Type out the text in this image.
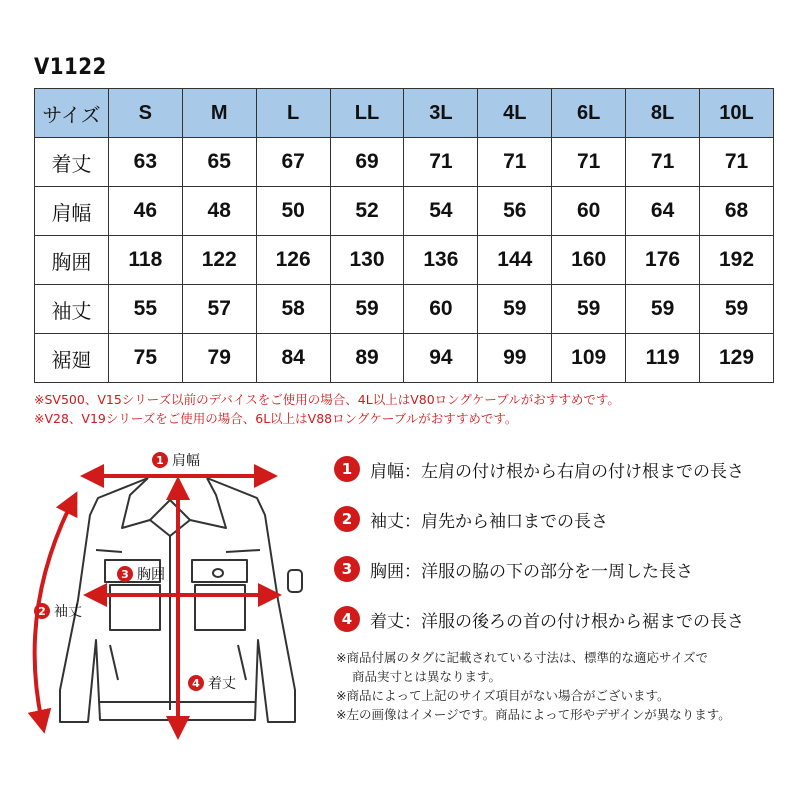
V1122
サイズ	S	M	L	LL	3L	4L	6L	8L	10L
着丈	63	65	67	69	71	71	71	71	71
肩幅	46	48	50	52	54	56	60	64	68
胸囲	118	122	126	130	136	144	160	176	192
袖丈	55	57	58	59	60	59	59	59	59
裾廻	75	79	84	89	94	99	109	119	129
※SV500、V15シリーズ以前のデバイスをご使用の場合、4L以上はV80ロングケーブルがおすすめです。
※V28、V19シリーズをご使用の場合、6L以上はV88ロングケーブルがおすすめです。
1 肩幅
3 胸囲
2 袖丈
4 着丈
1	肩幅 ：左肩の付け根から右肩の付け根までの長さ
2	袖丈 ：肩先から袖口までの長さ
3	胸囲 ：洋服の脇の下の部分を一周した長さ
4	着丈 ：洋服の後ろの首の付け根から裾までの長さ
※商品付属のタグに記載されている寸法は、標準的な適応サイズで
商品実寸とは異なります。
※商品によって上記のサイズ項目がない場合がございます。
※左の画像はイメージです。商品によって形やデザインが異なります。
